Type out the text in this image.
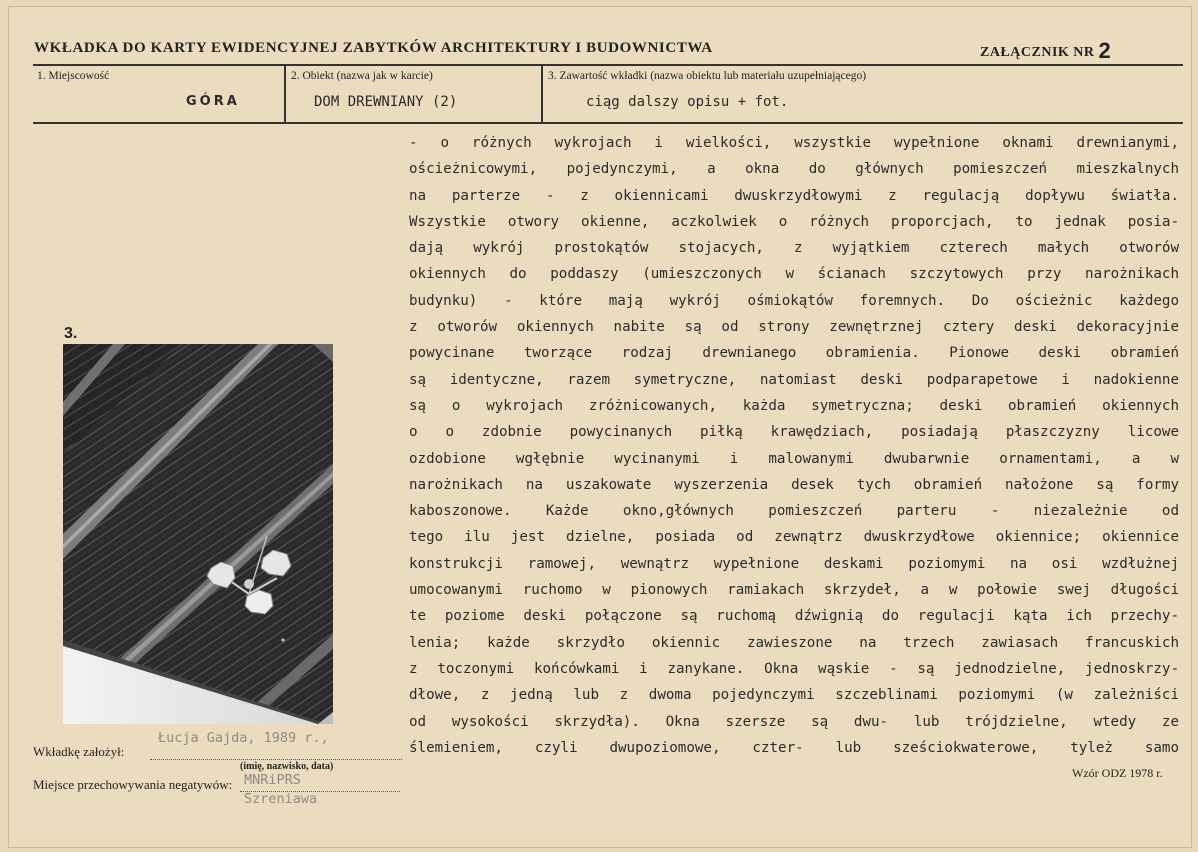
WKŁADKA DO KARTY EWIDENCYJNEJ ZABYTKÓW ARCHITEKTURY I BUDOWNICTWA	ZAŁĄCZNIK NR 2
1. Miejscowość
GÓRA
2. Obiekt (nazwa jak w karcie)
DOM DREWNIANY (2)
3. Zawartość wkładki (nazwa obiektu lub materiału uzupełniającego)
ciąg dalszy opisu + fot.
- o różnych wykrojach i wielkości, wszystkie wypełnione oknami drewnianymi,
ościeżnicowymi, pojedynczymi, a okna do głównych pomieszczeń mieszkalnych
na parterze - z okiennicami dwuskrzydłowymi z regulacją dopływu światła.
Wszystkie otwory okienne, aczkolwiek o różnych proporcjach, to jednak posia-
dają wykrój prostokątów stojacych, z wyjątkiem czterech małych otworów
okiennych do poddaszy (umieszczonych w ścianach szczytowych przy narożnikach
budynku) - które mają wykrój ośmiokątów foremnych. Do ościeżnic każdego
z otworów okiennych nabite są od strony zewnętrznej cztery deski dekoracyjnie
powycinane tworzące rodzaj drewnianego obramienia. Pionowe deski obramień
są identyczne, razem symetryczne, natomiast deski podparapetowe i nadokienne
są o wykrojach zróżnicowanych, każda symetryczna; deski obramień okiennych
o o zdobnie powycinanych piłką krawędziach, posiadają płaszczyzny licowe
ozdobione wgłębnie wycinanymi i malowanymi dwubarwnie ornamentami, a w
narożnikach na uszakowate wyszerzenia desek tych obramień nałożone są formy
kaboszonowe. Każde okno,głównych pomieszczeń parteru - niezależnie od
tego ilu jest dzielne, posiada od zewnątrz dwuskrzydłowe okiennice; okiennice
konstrukcji ramowej, wewnątrz wypełnione deskami poziomymi na osi wzdłużnej
umocowanymi ruchomo w pionowych ramiakach skrzydeł, a w połowie swej długości
te poziome deski połączone są ruchomą dźwignią do regulacji kąta ich przechy-
lenia; każde skrzydło okiennic zawieszone na trzech zawiasach francuskich
z toczonymi końcówkami i zanykane. Okna wąskie - są jednodzielne, jednoskrzy-
dłowe, z jedną lub z dwoma pojedynczymi szczeblinami poziomymi (w zależniści
od wysokości skrzydła). Okna szersze są dwu- lub trójdzielne, wtedy ze
ślemieniem, czyli dwupoziomowe, czter- lub sześciokwaterowe, tyleż samo
3.
Wkładkę założył:
Łucja Gajda, 1989 r.,
(imię, nazwisko, data)
Miejsce przechowywania negatywów: MNRiPRS
Szreniawa
Wzór ODZ 1978 r.
